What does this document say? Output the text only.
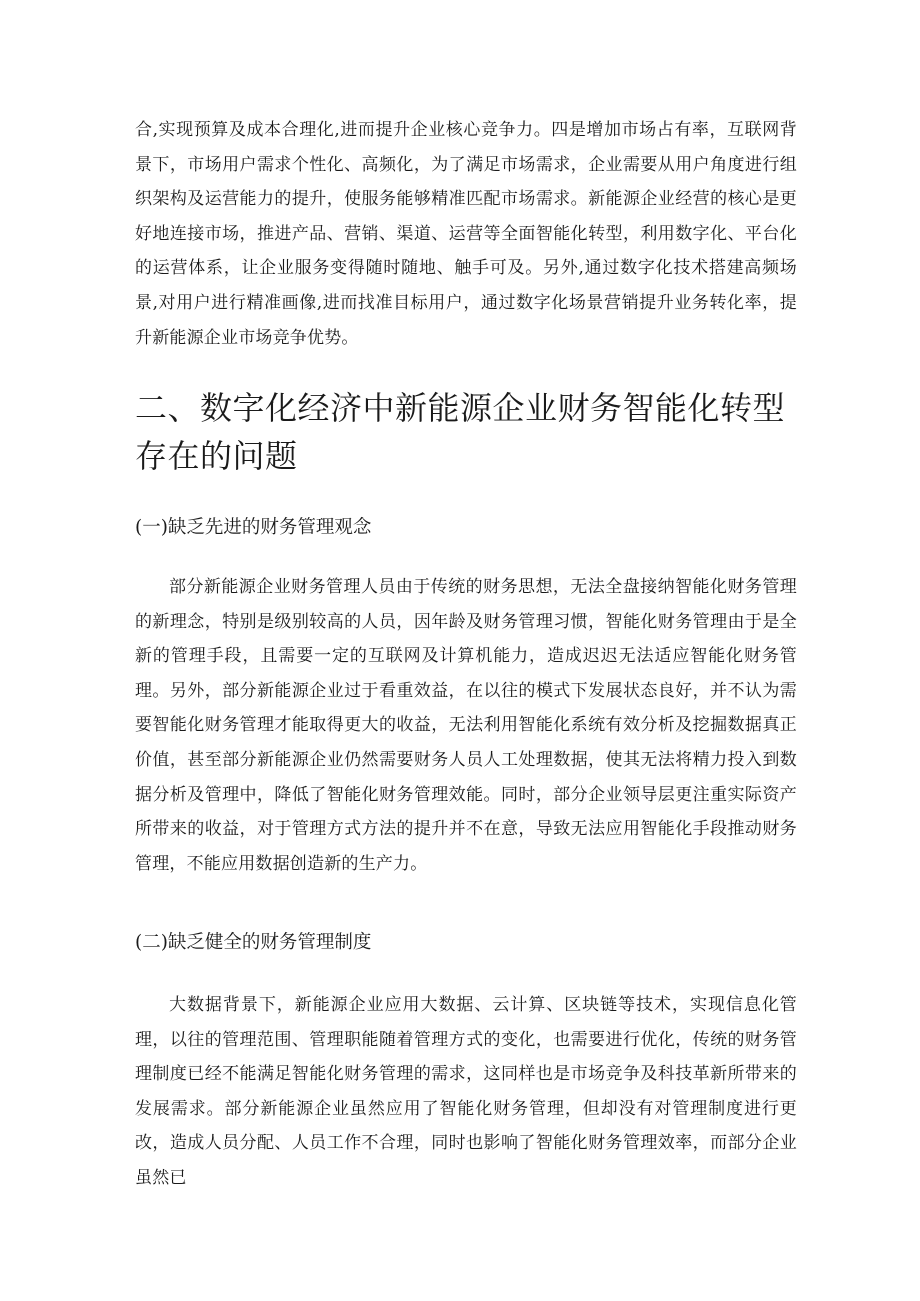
合,实现预算及成本合理化,进而提升企业核心竞争力。四是增加市场占有率，互联网背景下，市场用户需求个性化、高频化，为了满足市场需求，企业需要从用户角度进行组织架构及运营能力的提升，使服务能够精准匹配市场需求。新能源企业经营的核心是更好地连接市场，推进产品、营销、渠道、运营等全面智能化转型，利用数字化、平台化的运营体系，让企业服务变得随时随地、触手可及。另外,通过数字化技术搭建高频场景,对用户进行精准画像,进而找准目标用户，通过数字化场景营销提升业务转化率，提升新能源企业市场竞争优势。

二、数字化经济中新能源企业财务智能化转型存在的问题
(一)缺乏先进的财务管理观念

部分新能源企业财务管理人员由于传统的财务思想，无法全盘接纳智能化财务管理的新理念，特别是级别较高的人员，因年龄及财务管理习惯，智能化财务管理由于是全新的管理手段，且需要一定的互联网及计算机能力，造成迟迟无法适应智能化财务管理。另外，部分新能源企业过于看重效益，在以往的模式下发展状态良好，并不认为需要智能化财务管理才能取得更大的收益，无法利用智能化系统有效分析及挖掘数据真正价值，甚至部分新能源企业仍然需要财务人员人工处理数据，使其无法将精力投入到数据分析及管理中，降低了智能化财务管理效能。同时，部分企业领导层更注重实际资产所带来的收益，对于管理方式方法的提升并不在意，导致无法应用智能化手段推动财务管理，不能应用数据创造新的生产力。

(二)缺乏健全的财务管理制度

大数据背景下，新能源企业应用大数据、云计算、区块链等技术，实现信息化管理，以往的管理范围、管理职能随着管理方式的变化，也需要进行优化，传统的财务管理制度已经不能满足智能化财务管理的需求，这同样也是市场竞争及科技革新所带来的发展需求。部分新能源企业虽然应用了智能化财务管理，但却没有对管理制度进行更改，造成人员分配、人员工作不合理，同时也影响了智能化财务管理效率，而部分企业虽然已
